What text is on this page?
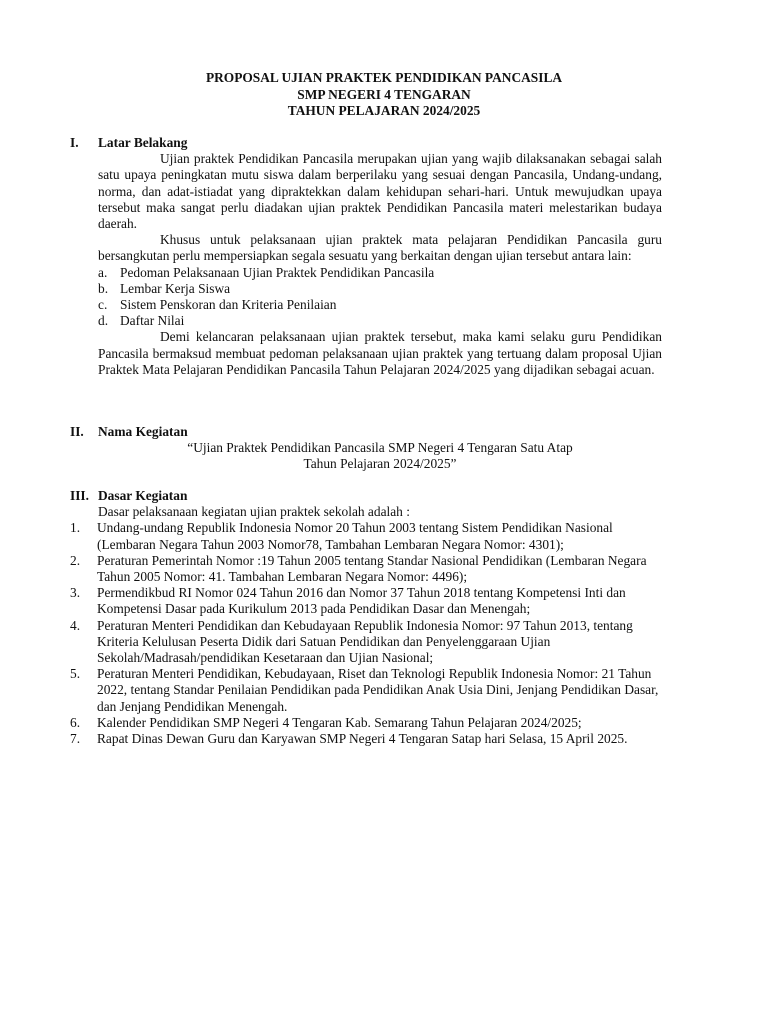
PROPOSAL UJIAN PRAKTEK PENDIDIKAN PANCASILA
SMP NEGERI 4 TENGARAN
TAHUN PELAJARAN 2024/2025
I.	Latar Belakang

Ujian praktek Pendidikan Pancasila merupakan ujian yang wajib dilaksanakan sebagai salah satu upaya peningkatan mutu siswa dalam berperilaku yang sesuai dengan Pancasila, Undang-undang, norma, dan adat-istiadat yang dipraktekkan dalam kehidupan sehari-hari. Untuk mewujudkan upaya tersebut maka sangat perlu diadakan ujian praktek Pendidikan Pancasila materi melestarikan budaya daerah.

Khusus untuk pelaksanaan ujian praktek mata pelajaran Pendidikan Pancasila guru bersangkutan perlu mempersiapkan segala sesuatu yang berkaitan dengan ujian tersebut antara lain:

a. Pedoman Pelaksanaan Ujian Praktek Pendidikan Pancasila
b. Lembar Kerja Siswa
c. Sistem Penskoran dan Kriteria Penilaian
d. Daftar Nilai

Demi kelancaran pelaksanaan ujian praktek tersebut, maka kami selaku guru Pendidikan Pancasila bermaksud membuat pedoman pelaksanaan ujian praktek yang tertuang dalam proposal Ujian Praktek Mata Pelajaran Pendidikan Pancasila Tahun Pelajaran 2024/2025 yang dijadikan sebagai acuan.

II.	Nama Kegiatan
“Ujian Praktek Pendidikan Pancasila SMP Negeri 4 Tengaran Satu Atap
Tahun Pelajaran 2024/2025”
III. Dasar Kegiatan

Dasar pelaksanaan kegiatan ujian praktek sekolah adalah :

1.	Undang-undang Republik Indonesia Nomor 20 Tahun 2003 tentang Sistem Pendidikan Nasional (Lembaran Negara Tahun 2003 Nomor78, Tambahan Lembaran Negara Nomor: 4301);
2.	Peraturan Pemerintah Nomor :19 Tahun 2005 tentang Standar Nasional Pendidikan (Lembaran Negara Tahun 2005 Nomor: 41. Tambahan Lembaran Negara Nomor: 4496);
3.	Permendikbud RI Nomor 024 Tahun 2016 dan Nomor 37 Tahun 2018 tentang Kompetensi Inti dan Kompetensi Dasar pada Kurikulum 2013 pada Pendidikan Dasar dan Menengah;
4.	Peraturan Menteri Pendidikan dan Kebudayaan Republik Indonesia Nomor: 97 Tahun 2013, tentang Kriteria Kelulusan Peserta Didik dari Satuan Pendidikan dan Penyelenggaraan Ujian Sekolah/Madrasah/pendidikan Kesetaraan dan Ujian Nasional;
5.	Peraturan Menteri Pendidikan, Kebudayaan, Riset dan Teknologi Republik Indonesia Nomor: 21 Tahun 2022, tentang Standar Penilaian Pendidikan pada Pendidikan Anak Usia Dini, Jenjang Pendidikan Dasar, dan Jenjang Pendidikan Menengah.
6.	Kalender Pendidikan SMP Negeri 4 Tengaran Kab. Semarang Tahun Pelajaran 2024/2025;
7.	Rapat Dinas Dewan Guru dan Karyawan SMP Negeri 4 Tengaran Satap hari Selasa, 15 April 2025.
